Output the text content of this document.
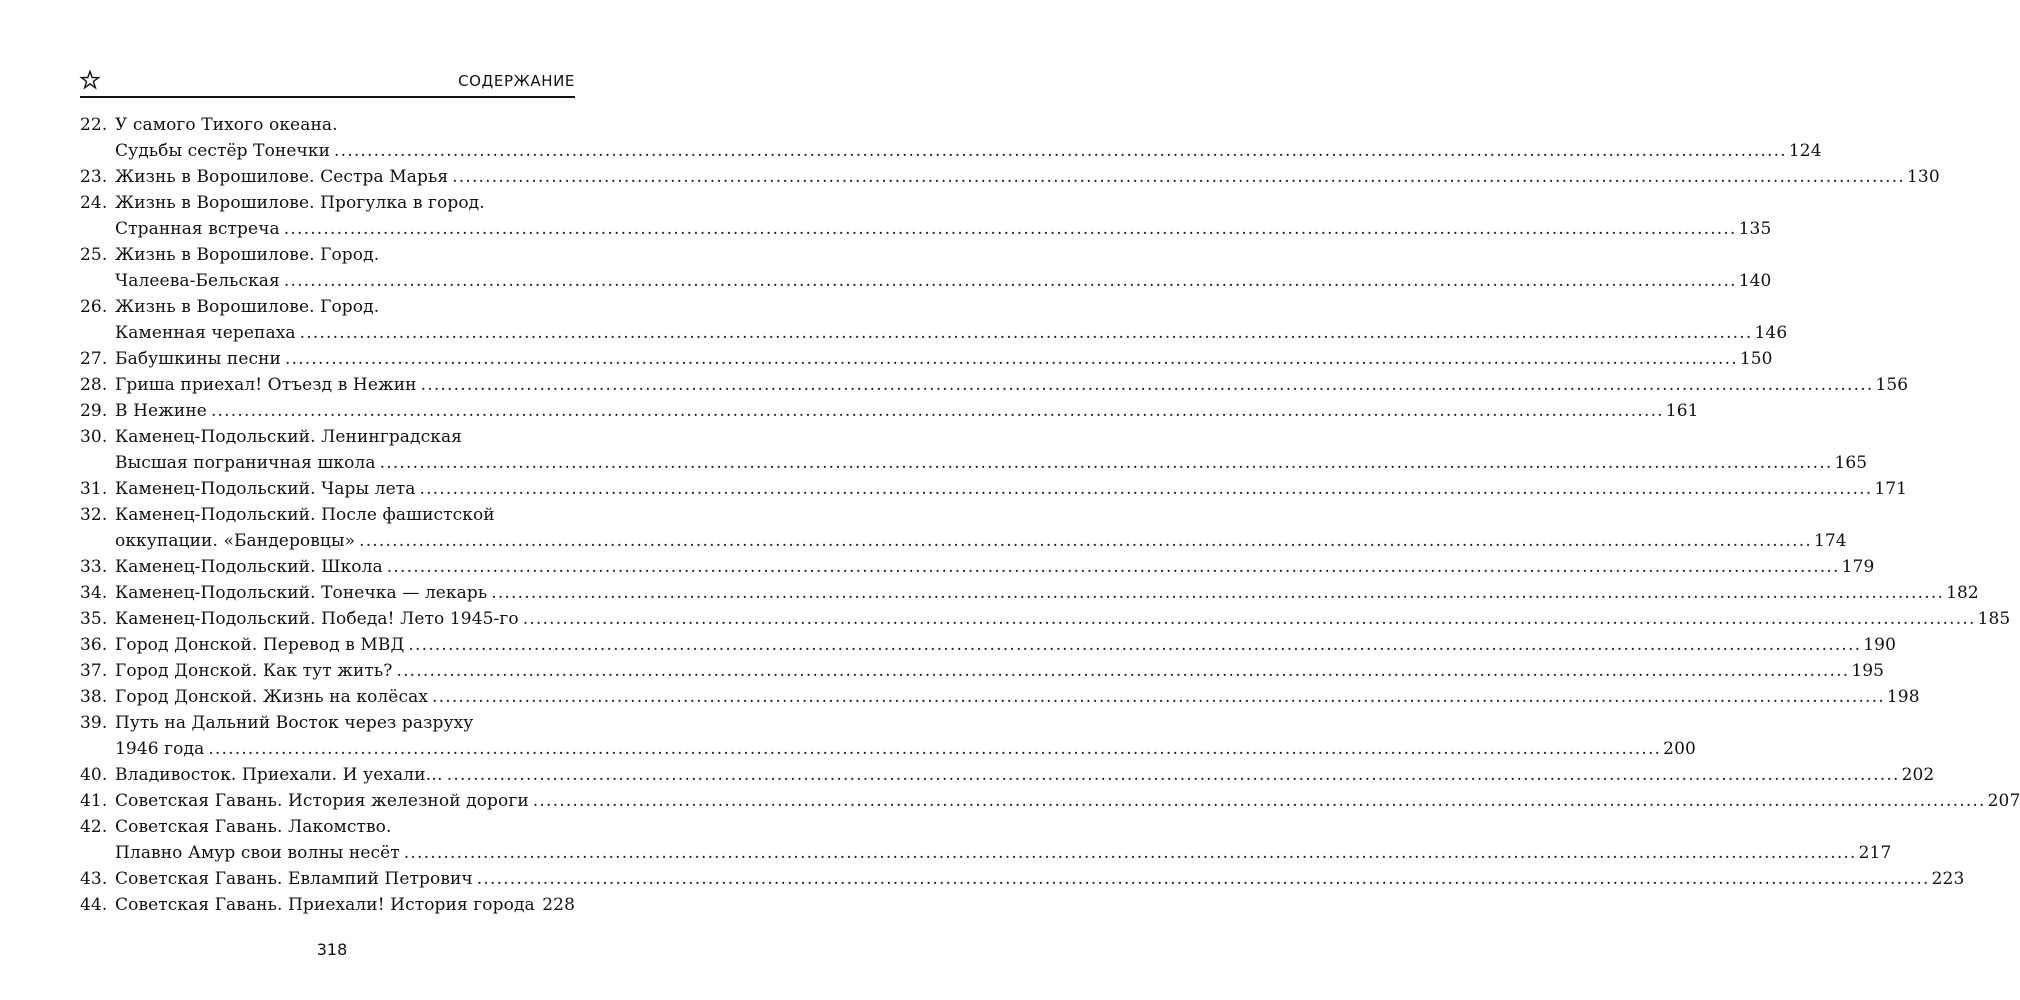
СОДЕРЖАНИЕ
22. У самого Тихого океана.
Судьбы сестёр Тонечки ............................................................................................................................................................................................................................ 124
23. Жизнь в Ворошилове. Сестра Марья ............................................................................................................................................................................................................................ 130
24. Жизнь в Ворошилове. Прогулка в город.
Странная встреча ............................................................................................................................................................................................................................ 135
25. Жизнь в Ворошилове. Город.
Чалеева-Бельская ............................................................................................................................................................................................................................ 140
26. Жизнь в Ворошилове. Город.
Каменная черепаха ............................................................................................................................................................................................................................ 146
27. Бабушкины песни ............................................................................................................................................................................................................................ 150
28. Гриша приехал! Отъезд в Нежин ............................................................................................................................................................................................................................ 156
29. В Нежине ............................................................................................................................................................................................................................ 161
30. Каменец-Подольский. Ленинградская
Высшая пограничная школа ............................................................................................................................................................................................................................ 165
31. Каменец-Подольский. Чары лета ............................................................................................................................................................................................................................ 171
32. Каменец-Подольский. После фашистской
оккупации. «Бандеровцы» ............................................................................................................................................................................................................................ 174
33. Каменец-Подольский. Школа ............................................................................................................................................................................................................................ 179
34. Каменец-Подольский. Тонечка — лекарь ............................................................................................................................................................................................................................ 182
35. Каменец-Подольский. Победа! Лето 1945-го ............................................................................................................................................................................................................................ 185
36. Город Донской. Перевод в МВД ............................................................................................................................................................................................................................ 190
37. Город Донской. Как тут жить? ............................................................................................................................................................................................................................ 195
38. Город Донской. Жизнь на колёсах ............................................................................................................................................................................................................................ 198
39. Путь на Дальний Восток через разруху
1946 года ............................................................................................................................................................................................................................ 200
40. Владивосток. Приехали. И уехали… ............................................................................................................................................................................................................................ 202
41. Советская Гавань. История железной дороги ............................................................................................................................................................................................................................ 207
42. Советская Гавань. Лакомство.
Плавно Амур свои волны несёт ............................................................................................................................................................................................................................ 217
43. Советская Гавань. Евлампий Петрович ............................................................................................................................................................................................................................ 223
44. Советская Гавань. Приехали! История города 228
318
